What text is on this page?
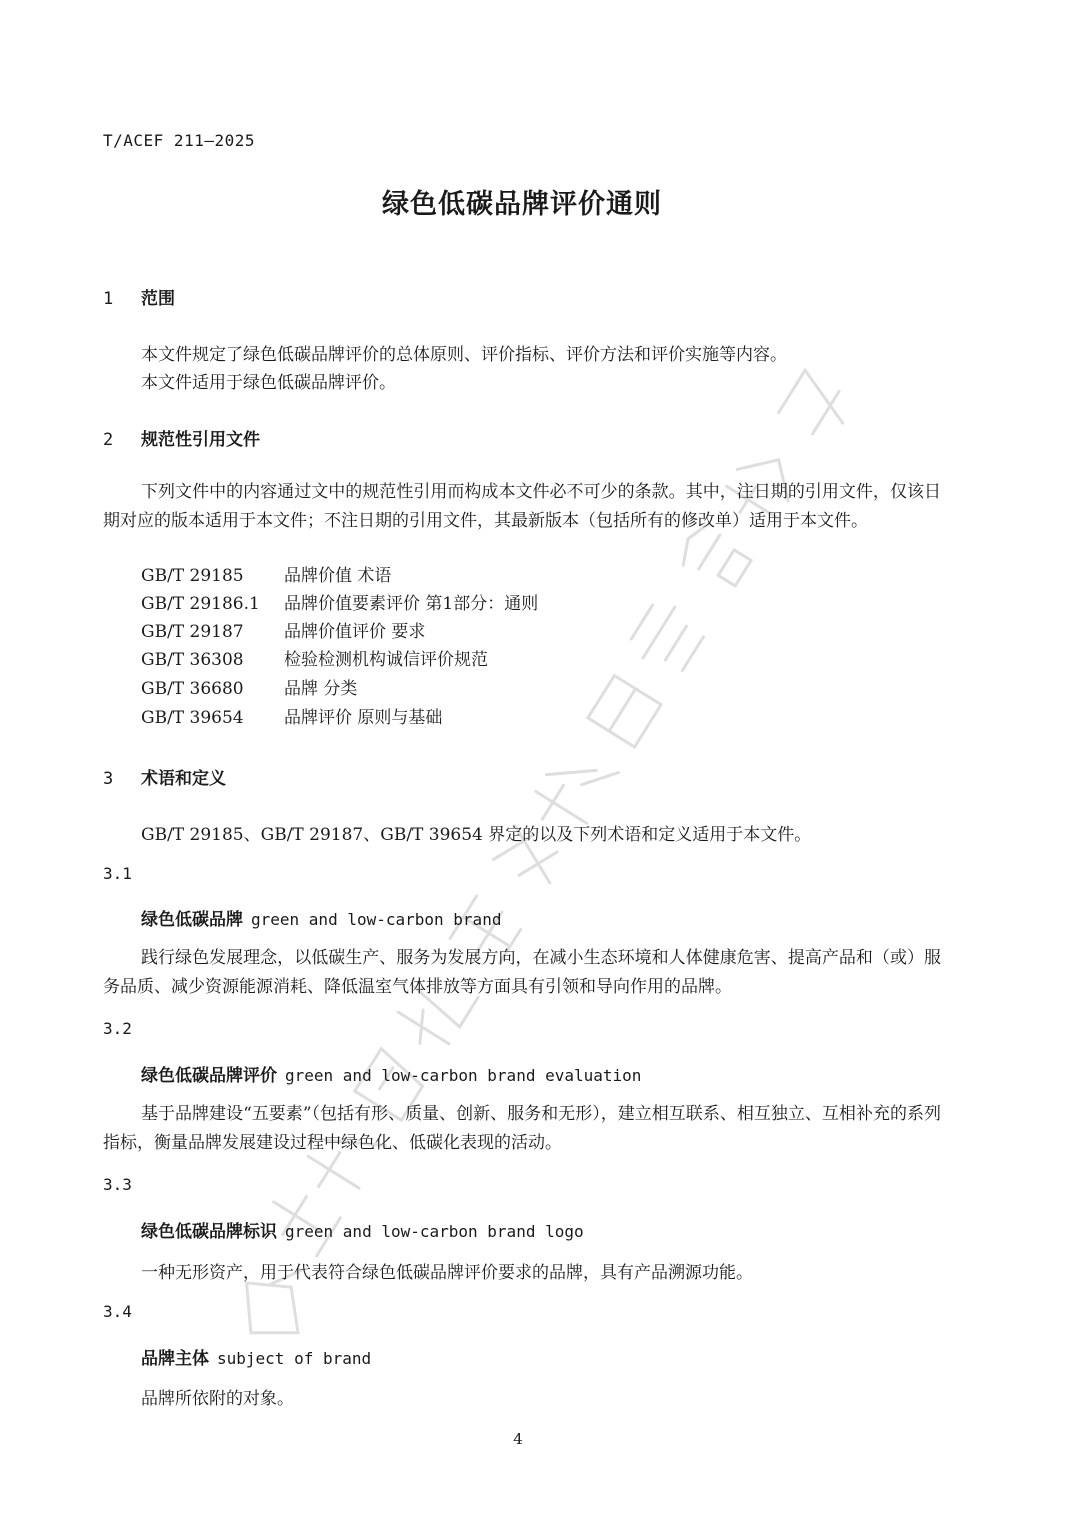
T/ACEF 211—2025
绿色低碳品牌评价通则
1 范围
本文件规定了绿色低碳品牌评价的总体原则、评价指标、评价方法和评价实施等内容。
本文件适用于绿色低碳品牌评价。
2 规范性引用文件
下列文件中的内容通过文中的规范性引用而构成本文件必不可少的条款。其中，注日期的引用文件，仅该日期对应的版本适用于本文件；不注日期的引用文件，其最新版本（包括所有的修改单）适用于本文件。
GB/T 29185 品牌价值 术语
GB/T 29186.1 品牌价值要素评价 第1部分：通则
GB/T 29187 品牌价值评价 要求
GB/T 36308 检验检测机构诚信评价规范
GB/T 36680 品牌 分类
GB/T 39654 品牌评价 原则与基础
3 术语和定义
GB/T 29185、GB/T 29187、GB/T 39654 界定的以及下列术语和定义适用于本文件。
3.1
绿色低碳品牌 green and low-carbon brand
践行绿色发展理念，以低碳生产、服务为发展方向，在减小生态环境和人体健康危害、提高产品和（或）服务品质、减少资源能源消耗、降低温室气体排放等方面具有引领和导向作用的品牌。
3.2
绿色低碳品牌评价 green and low-carbon brand evaluation
基于品牌建设“五要素”（包括有形、质量、创新、服务和无形），建立相互联系、相互独立、互相补充的系列指标，衡量品牌发展建设过程中绿色化、低碳化表现的活动。
3.3
绿色低碳品牌标识 green and low-carbon brand logo
一种无形资产，用于代表符合绿色低碳品牌评价要求的品牌，具有产品溯源功能。
3.4
品牌主体 subject of brand
品牌所依附的对象。
4
